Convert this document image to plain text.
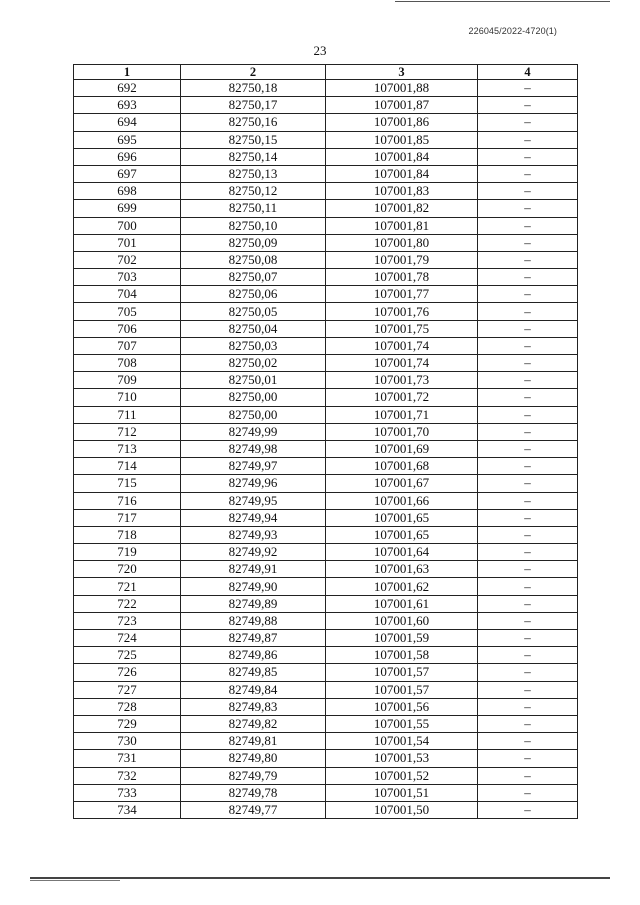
226045/2022-4720(1)
23
1	2	3	4
692	82750,18	107001,88	–
693	82750,17	107001,87	–
694	82750,16	107001,86	–
695	82750,15	107001,85	–
696	82750,14	107001,84	–
697	82750,13	107001,84	–
698	82750,12	107001,83	–
699	82750,11	107001,82	–
700	82750,10	107001,81	–
701	82750,09	107001,80	–
702	82750,08	107001,79	–
703	82750,07	107001,78	–
704	82750,06	107001,77	–
705	82750,05	107001,76	–
706	82750,04	107001,75	–
707	82750,03	107001,74	–
708	82750,02	107001,74	–
709	82750,01	107001,73	–
710	82750,00	107001,72	–
711	82750,00	107001,71	–
712	82749,99	107001,70	–
713	82749,98	107001,69	–
714	82749,97	107001,68	–
715	82749,96	107001,67	–
716	82749,95	107001,66	–
717	82749,94	107001,65	–
718	82749,93	107001,65	–
719	82749,92	107001,64	–
720	82749,91	107001,63	–
721	82749,90	107001,62	–
722	82749,89	107001,61	–
723	82749,88	107001,60	–
724	82749,87	107001,59	–
725	82749,86	107001,58	–
726	82749,85	107001,57	–
727	82749,84	107001,57	–
728	82749,83	107001,56	–
729	82749,82	107001,55	–
730	82749,81	107001,54	–
731	82749,80	107001,53	–
732	82749,79	107001,52	–
733	82749,78	107001,51	–
734	82749,77	107001,50	–
